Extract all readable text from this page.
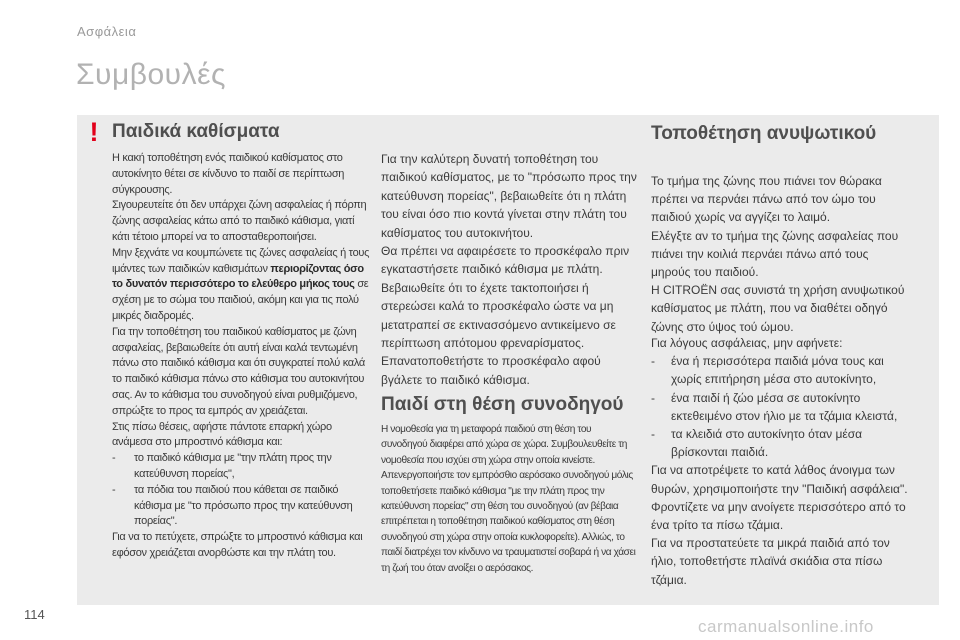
Ασφάλεια
Συμβουλές
! Παιδικά καθίσματα

Η κακή τοποθέτηση ενός παιδικού καθίσματος στο αυτοκίνητο θέτει σε κίνδυνο το παιδί σε περίπτωση σύγκρουσης.

Σιγουρευτείτε ότι δεν υπάρχει ζώνη ασφαλείας ή πόρπη ζώνης ασφαλείας κάτω από το παιδικό κάθισμα, γιατί κάτι τέτοιο μπορεί να το αποσταθεροποιήσει.

Μην ξεχνάτε να κουμπώνετε τις ζώνες ασφαλείας ή τους ιμάντες των παιδικών καθισμάτων περιορίζοντας όσο το δυνατόν περισσότερο το ελεύθερο μήκος τους σε σχέση με το σώμα του παιδιού, ακόμη και για τις πολύ μικρές διαδρομές.

Για την τοποθέτηση του παιδικού καθίσματος με ζώνη ασφαλείας, βεβαιωθείτε ότι αυτή είναι καλά τεντωμένη πάνω στο παιδικό κάθισμα και ότι συγκρατεί πολύ καλά το παιδικό κάθισμα πάνω στο κάθισμα του αυτοκινήτου σας. Αν το κάθισμα του συνοδηγού είναι ρυθμιζόμενο, σπρώξτε το προς τα εμπρός αν χρειάζεται.

Στις πίσω θέσεις, αφήστε πάντοτε επαρκή χώρο ανάμεσα στο μπροστινό κάθισμα και:

-	το παιδικό κάθισμα με "την πλάτη προς την κατεύθυνση πορείας",
-	τα πόδια του παιδιού που κάθεται σε παιδικό κάθισμα με "το πρόσωπο προς την κατεύθυνση πορείας".

Για να το πετύχετε, σπρώξτε το μπροστινό κάθισμα και εφόσον χρειάζεται ανορθώστε και την πλάτη του.

Για την καλύτερη δυνατή τοποθέτηση του παιδικού καθίσματος, με το "πρόσωπο προς την κατεύθυνση πορείας", βεβαιωθείτε ότι η πλάτη του είναι όσο πιο κοντά γίνεται στην πλάτη του καθίσματος του αυτοκινήτου.

Θα πρέπει να αφαιρέσετε το προσκέφαλο πριν εγκαταστήσετε παιδικό κάθισμα με πλάτη.

Βεβαιωθείτε ότι το έχετε τακτοποιήσει ή στερεώσει καλά το προσκέφαλο ώστε να μη μετατραπεί σε εκτινασσόμενο αντικείμενο σε περίπτωση απότομου φρεναρίσματος.

Επανατοποθετήστε το προσκέφαλο αφού βγάλετε το παιδικό κάθισμα.

Παιδί στη θέση συνοδηγού

Η νομοθεσία για τη μεταφορά παιδιού στη θέση του συνοδηγού διαφέρει από χώρα σε χώρα. Συμβουλευθείτε τη νομοθεσία που ισχύει στη χώρα στην οποία κινείστε.

Απενεργοποιήστε τον εμπρόσθιο αερόσακο συνοδηγού μόλις τοποθετήσετε παιδικό κάθισμα "με την πλάτη προς την κατεύθυνση πορείας" στη θέση του συνοδηγού (αν βέβαια επιτρέπεται η τοποθέτηση παιδικού καθίσματος στη θέση συνοδηγού στη χώρα στην οποία κυκλοφορείτε). Αλλιώς, το παιδί διατρέχει τον κίνδυνο να τραυματιστεί σοβαρά ή να χάσει τη ζωή του όταν ανοίξει ο αερόσακος.

Τοποθέτηση ανυψωτικού

Το τμήμα της ζώνης που πιάνει τον θώρακα πρέπει να περνάει πάνω από τον ώμο του παιδιού χωρίς να αγγίζει το λαιμό.

Ελέγξτε αν το τμήμα της ζώνης ασφαλείας που πιάνει την κοιλιά περνάει πάνω από τους μηρούς του παιδιού.

Η CITROËN σας συνιστά τη χρήση ανυψωτικού καθίσματος με πλάτη, που να διαθέτει οδηγό ζώνης στο ύψος τού ώμου.

Για λόγους ασφάλειας, μην αφήνετε:

-	ένα ή περισσότερα παιδιά μόνα τους και χωρίς επιτήρηση μέσα στο αυτοκίνητο,
-	ένα παιδί ή ζώο μέσα σε αυτοκίνητο εκτεθειμένο στον ήλιο με τα τζάμια κλειστά,
-	τα κλειδιά στο αυτοκίνητο όταν μέσα βρίσκονται παιδιά.

Για να αποτρέψετε το κατά λάθος άνοιγμα των θυρών, χρησιμοποιήστε την "Παιδική ασφάλεια".

Φροντίζετε να μην ανοίγετε περισσότερο από το ένα τρίτο τα πίσω τζάμια.

Για να προστατεύετε τα μικρά παιδιά από τον ήλιο, τοποθετήστε πλαϊνά σκιάδια στα πίσω τζάμια.

114
carmanualsonline.info
